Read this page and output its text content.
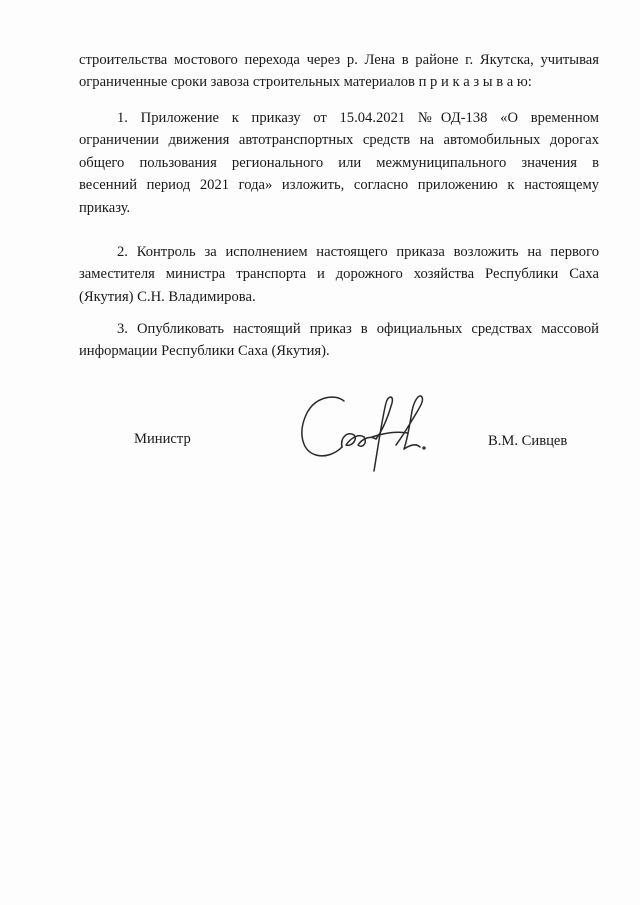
строительства мостового перехода через р. Лена в районе г. Якутска, учитывая
ограниченные сроки завоза строительных материалов п р и к а з ы в а ю:
1. Приложение к приказу от 15.04.2021 №ОД-138 «О временном
ограничении движения автотранспортных средств на автомобильных дорогах
общего пользования регионального или межмуниципального значения в
весенний период 2021 года» изложить, согласно приложению к настоящему
приказу.
2. Контроль за исполнением настоящего приказа возложить на первого
заместителя министра транспорта и дорожного хозяйства Республики Саха
(Якутия) С.Н. Владимирова.
3. Опубликовать настоящий приказ в официальных средствах массовой
информации Республики Саха (Якутия).
Министр	В.М. Сивцев
